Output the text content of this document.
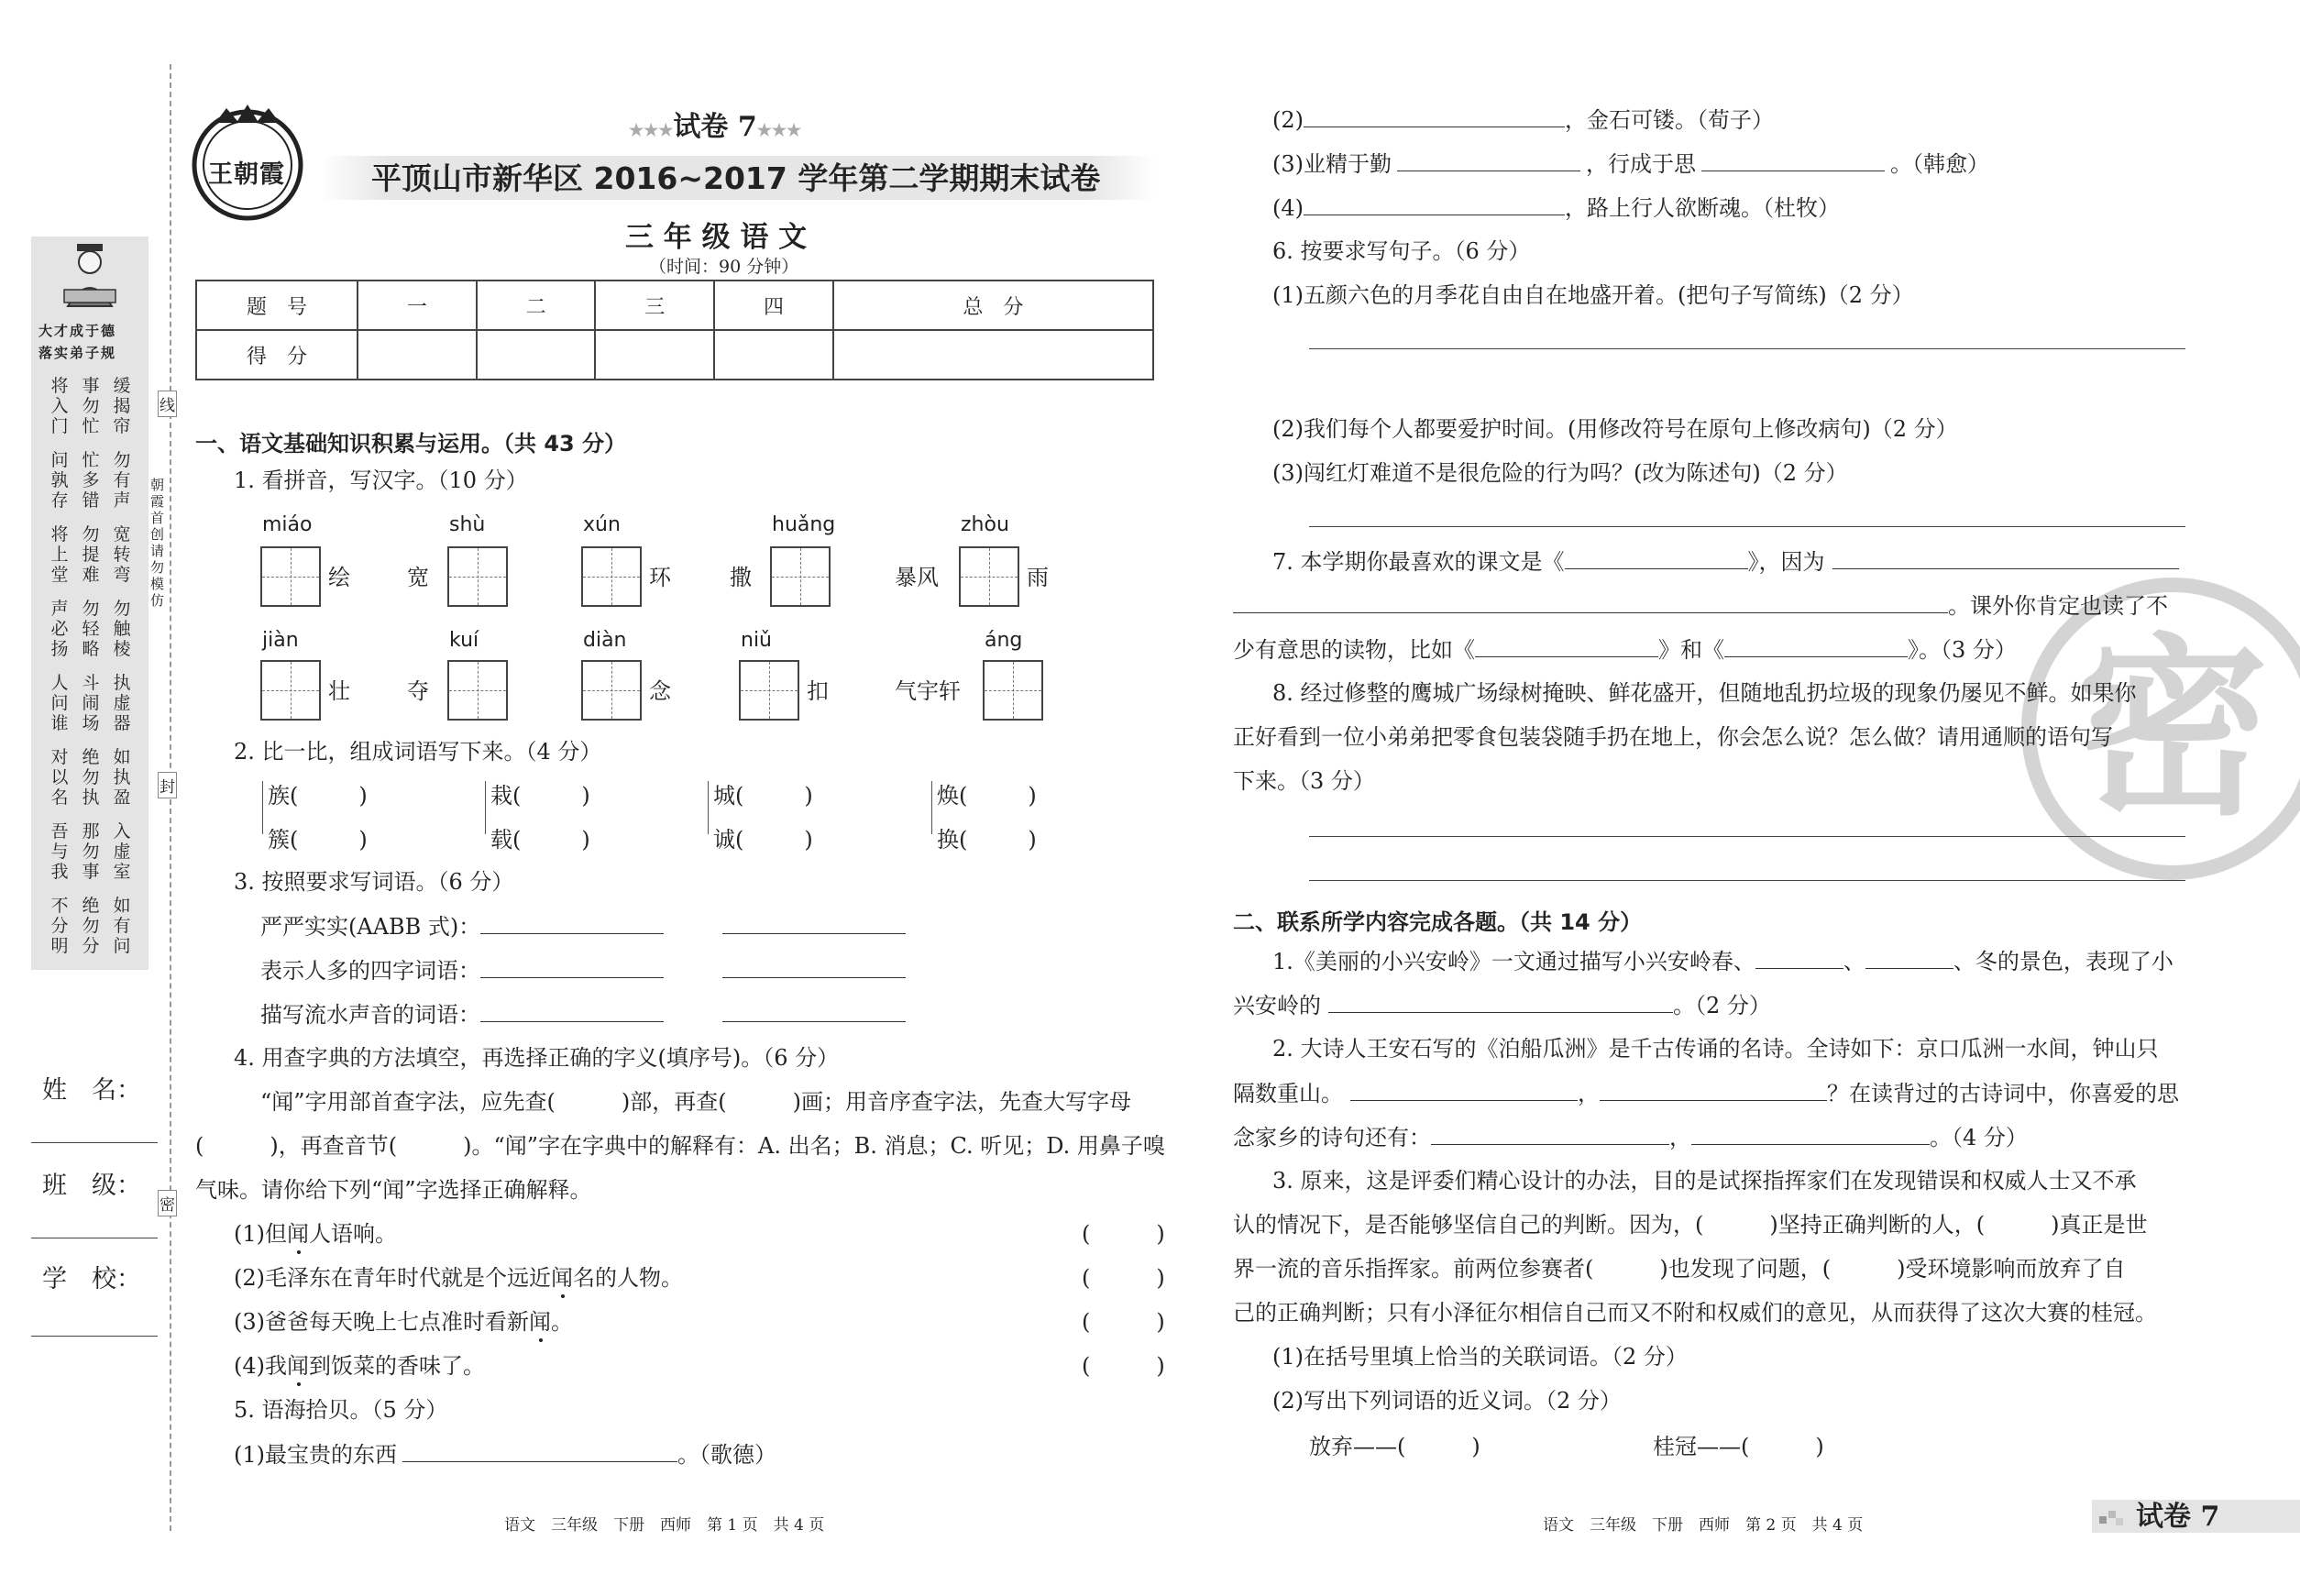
大才成于德
落实弟子规
缓揭帘
事勿忙
将入门
勿有声
忙多错
问孰存
宽转弯
勿提难
将上堂
勿触棱
勿轻略
声必扬
执虚器
斗闹场
人问谁
如执盈
绝勿执
对以名
入虚室
那勿事
吾与我
如有问
绝勿分
不分明
线
封
密
朝霞首创 请勿模仿
姓　名：
班　级：
学　校：
王朝霞
★★★试卷 7★★★
平顶山市新华区 2016~2017 学年第二学期期末试卷
三 年 级 语 文
（时间：90 分钟）
题　号	一	二	三	四	总　分
得　分					
一、语文基础知识积累与运用。（共 43 分）
1. 看拼音，写汉字。（10 分）
miáo
绘
shù
宽
xún
环
huǎng
撒
zhòu
暴风	雨
jiàn
壮
kuí
夺
diàn
念
niǔ
扣
áng
气宇轩
2. 比一比，组成词语写下来。（4 分）
族(	)
簇(	)
栽(	)
载(	)
城(	)
诚(	)
焕(	)
换(	)
3. 按照要求写词语。（6 分）
严严实实(AABB 式)：
表示人多的四字词语：
描写流水声音的词语：
4. 用查字典的方法填空，再选择正确的字义(填序号)。（6 分）
“闻”字用部首查字法，应先查(　　　)部，再查(　　　)画；用音序查字法，先查大写字母
(　　　)，再查音节(　　　)。“闻”字在字典中的解释有：A. 出名；B. 消息；C. 听见；D. 用鼻子嗅
气味。请你给下列“闻”字选择正确解释。
(1)但闻人语响。	(　　　)
(2)毛泽东在青年时代就是个远近闻名的人物。	(　　　)
(3)爸爸每天晚上七点准时看新闻。	(　　　)
(4)我闻到饭菜的香味了。	(　　　)
5. 语海拾贝。（5 分）
(1)最宝贵的东西	。（歌德）
语文　三年级　下册　西师　第 1 页　共 4 页
密
(2)	，金石可镂。（荀子）
(3)业精于勤	，行成于思	。（韩愈）
(4)	，路上行人欲断魂。（杜牧）
6. 按要求写句子。（6 分）
(1)五颜六色的月季花自由自在地盛开着。(把句子写简练)（2 分）
(2)我们每个人都要爱护时间。(用修改符号在原句上修改病句)（2 分）
(3)闯红灯难道不是很危险的行为吗？(改为陈述句)（2 分）
7. 本学期你最喜欢的课文是《	》，因为
。课外你肯定也读了不
少有意思的读物，比如《	》和《	》。（3 分）
8. 经过修整的鹰城广场绿树掩映、鲜花盛开，但随地乱扔垃圾的现象仍屡见不鲜。如果你
正好看到一位小弟弟把零食包装袋随手扔在地上，你会怎么说？怎么做？请用通顺的语句写
下来。（3 分）
二、联系所学内容完成各题。（共 14 分）
1.《美丽的小兴安岭》一文通过描写小兴安岭春、	、	、冬的景色，表现了小
兴安岭的	。（2 分）
2. 大诗人王安石写的《泊船瓜洲》是千古传诵的名诗。全诗如下：京口瓜洲一水间，钟山只
隔数重山。	，	？在读背过的古诗词中，你喜爱的思
念家乡的诗句还有：	，	。（4 分）
3. 原来，这是评委们精心设计的办法，目的是试探指挥家们在发现错误和权威人士又不承
认的情况下，是否能够坚信自己的判断。因为，(　　　)坚持正确判断的人，(　　　)真正是世
界一流的音乐指挥家。前两位参赛者(　　　)也发现了问题，(　　　)受环境影响而放弃了自
己的正确判断；只有小泽征尔相信自己而又不附和权威们的意见，从而获得了这次大赛的桂冠。
(1)在括号里填上恰当的关联词语。（2 分）
(2)写出下列词语的近义词。（2 分）
放弃——(　　　)	桂冠——(　　　)
语文　三年级　下册　西师　第 2 页　共 4 页	试卷 7
